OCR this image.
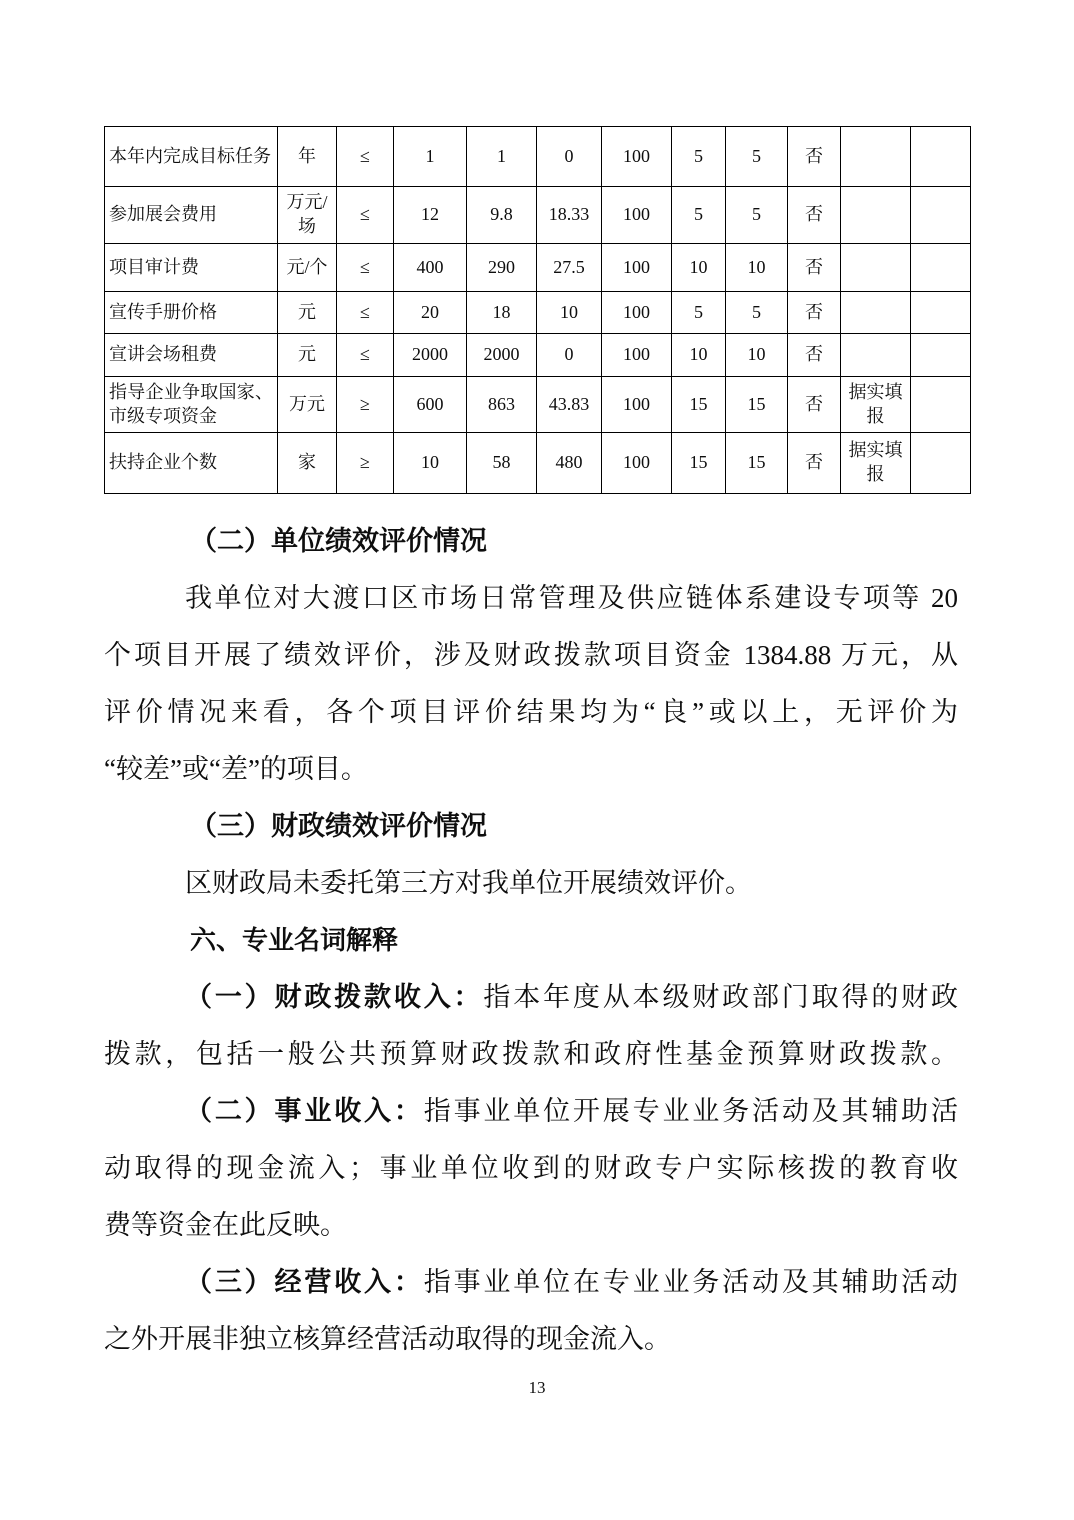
本年内完成目标任务	年	≤	1	1	0	100	5	5	否		
参加展会费用	万元/场	≤	12	9.8	18.33	100	5	5	否		
项目审计费	元/个	≤	400	290	27.5	100	10	10	否		
宣传手册价格	元	≤	20	18	10	100	5	5	否		
宣讲会场租费	元	≤	2000	2000	0	100	10	10	否		
指导企业争取国家、市级专项资金	万元	≥	600	863	43.83	100	15	15	否	据实填报	
扶持企业个数	家	≥	10	58	480	100	15	15	否	据实填报	
（二）单位绩效评价情况
我单位对大渡口区市场日常管理及供应链体系建设专项等 20
个项目开展了绩效评价，涉及财政拨款项目资金 1384.88 万元，从
评价情况来看，各个项目评价结果均为“良”或以上，无评价为
“较差”或“差”的项目。
（三）财政绩效评价情况
区财政局未委托第三方对我单位开展绩效评价。
六、专业名词解释
（一）财政拨款收入：指本年度从本级财政部门取得的财政
拨款，包括一般公共预算财政拨款和政府性基金预算财政拨款。
（二）事业收入：指事业单位开展专业业务活动及其辅助活
动取得的现金流入；事业单位收到的财政专户实际核拨的教育收
费等资金在此反映。
（三）经营收入：指事业单位在专业业务活动及其辅助活动
之外开展非独立核算经营活动取得的现金流入。
13
